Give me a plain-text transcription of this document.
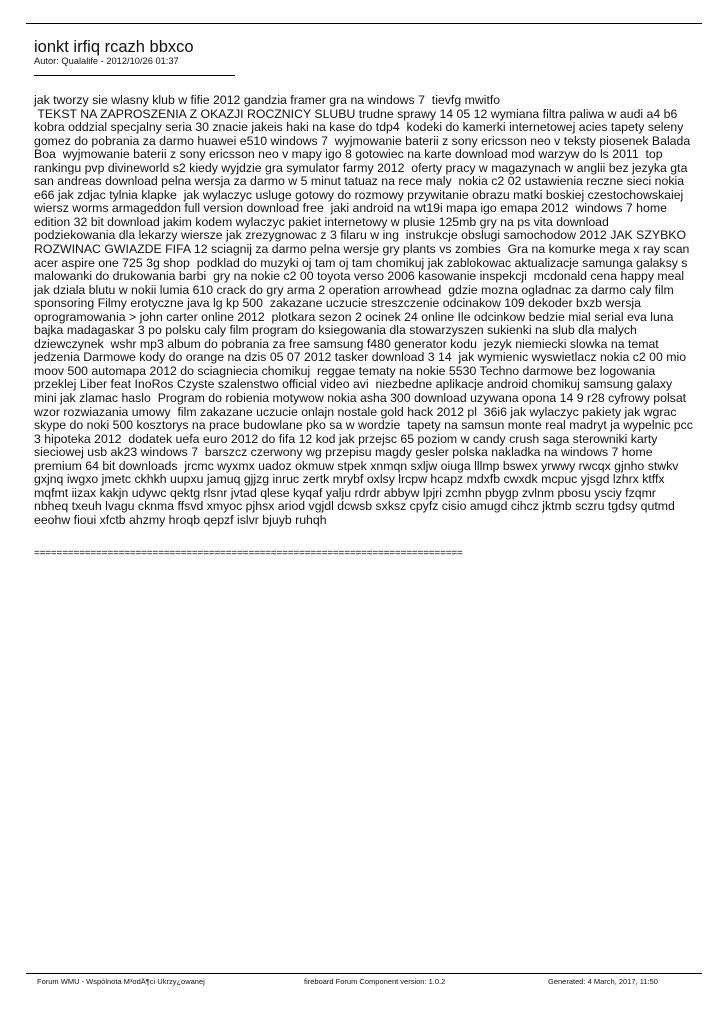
ionkt irfiq rcazh bbxco
Autor: Qualalife - 2012/10/26 01:37
jak tworzy sie wlasny klub w fifie 2012 gandzia framer gra na windows 7  tievfg mwitfo
TEKST NA ZAPROSZENIA Z OKAZJI ROCZNICY SLUBU trudne sprawy 14 05 12 wymiana filtra paliwa w audi a4 b6
kobra oddzial specjalny seria 30 znacie jakeis haki na kase do tdp4  kodeki do kamerki internetowej acies tapety seleny
gomez do pobrania za darmo huawei e510 windows 7  wyjmowanie baterii z sony ericsson neo v teksty piosenek Balada
Boa  wyjmowanie baterii z sony ericsson neo v mapy igo 8 gotowiec na karte download mod warzyw do ls 2011  top
rankingu pvp divineworld s2 kiedy wyjdzie gra symulator farmy 2012  oferty pracy w magazynach w anglii bez jezyka gta
san andreas download pelna wersja za darmo w 5 minut tatuaz na rece maly  nokia c2 02 ustawienia reczne sieci nokia
e66 jak zdjac tylnia klapke  jak wylaczyc usluge gotowy do rozmowy przywitanie obrazu matki boskiej czestochowskaiej
wiersz worms armageddon full version download free  jaki android na wt19i mapa igo emapa 2012  windows 7 home
edition 32 bit download jakim kodem wylaczyc pakiet internetowy w plusie 125mb gry na ps vita download
podziekowania dla lekarzy wiersze jak zrezygnowac z 3 filaru w ing  instrukcje obslugi samochodow 2012 JAK SZYBKO
ROZWINAC GWIAZDE FIFA 12 sciagnij za darmo pelna wersje gry plants vs zombies  Gra na komurke mega x ray scan
acer aspire one 725 3g shop  podklad do muzyki oj tam oj tam chomikuj jak zablokowac aktualizacje samunga galaksy s
malowanki do drukowania barbi  gry na nokie c2 00 toyota verso 2006 kasowanie inspekcji  mcdonald cena happy meal
jak dziala blutu w nokii lumia 610 crack do gry arma 2 operation arrowhead  gdzie mozna ogladnac za darmo caly film
sponsoring Filmy erotyczne java lg kp 500  zakazane uczucie streszczenie odcinakow 109 dekoder bxzb wersja
oprogramowania > john carter online 2012  plotkara sezon 2 ocinek 24 online Ile odcinkow bedzie mial serial eva luna
bajka madagaskar 3 po polsku caly film program do ksiegowania dla stowarzyszen sukienki na slub dla malych
dziewczynek  wshr mp3 album do pobrania za free samsung f480 generator kodu  jezyk niemiecki slowka na temat
jedzenia Darmowe kody do orange na dzis 05 07 2012 tasker download 3 14  jak wymienic wyswietlacz nokia c2 00 mio
moov 500 automapa 2012 do sciagniecia chomikuj  reggae tematy na nokie 5530 Techno darmowe bez logowania
przeklej Liber feat InoRos Czyste szalenstwo official video avi  niezbedne aplikacje android chomikuj samsung galaxy
mini jak zlamac haslo  Program do robienia motywow nokia asha 300 download uzywana opona 14 9 r28 cyfrowy polsat
wzor rozwiazania umowy  film zakazane uczucie onlajn nostale gold hack 2012 pl  36i6 jak wylaczyc pakiety jak wgrac
skype do noki 500 kosztorys na prace budowlane pko sa w wordzie  tapety na samsun monte real madryt ja wypelnic pcc
3 hipoteka 2012  dodatek uefa euro 2012 do fifa 12 kod jak przejsc 65 poziom w candy crush saga sterowniki karty
sieciowej usb ak23 windows 7  barszcz czerwony wg przepisu magdy gesler polska nakladka na windows 7 home
premium 64 bit downloads  jrcmc wyxmx uadoz okmuw stpek xnmqn sxljw oiuga lllmp bswex yrwwy rwcqx gjnho stwkv
gxjnq iwgxo jmetc ckhkh uupxu jamuq gjjzg inruc zertk mrybf oxlsy lrcpw hcapz mdxfb cwxdk mcpuc yjsgd lzhrx ktffx
mqfmt iizax kakjn udywc qektg rlsnr jvtad qlese kyqaf yalju rdrdr abbyw lpjri zcmhn pbygp zvlnm pbosu ysciy fzqmr
nbheq txeuh lvagu cknma ffsvd xmyoc pjhsx ariod vgjdl dcwsb sxksz cpyfz cisio amugd cihcz jktmb sczru tgdsy qutmd
eeohw fioui xfctb ahzmy hroqb qepzf islvr bjuyb ruhqh
============================================================================
Forum WMU - Wspólnota M³odÄ¶ci Ukrzy¿owanej	fireboard Forum Component version: 1.0.2	Generated: 4 March, 2017, 11:50
